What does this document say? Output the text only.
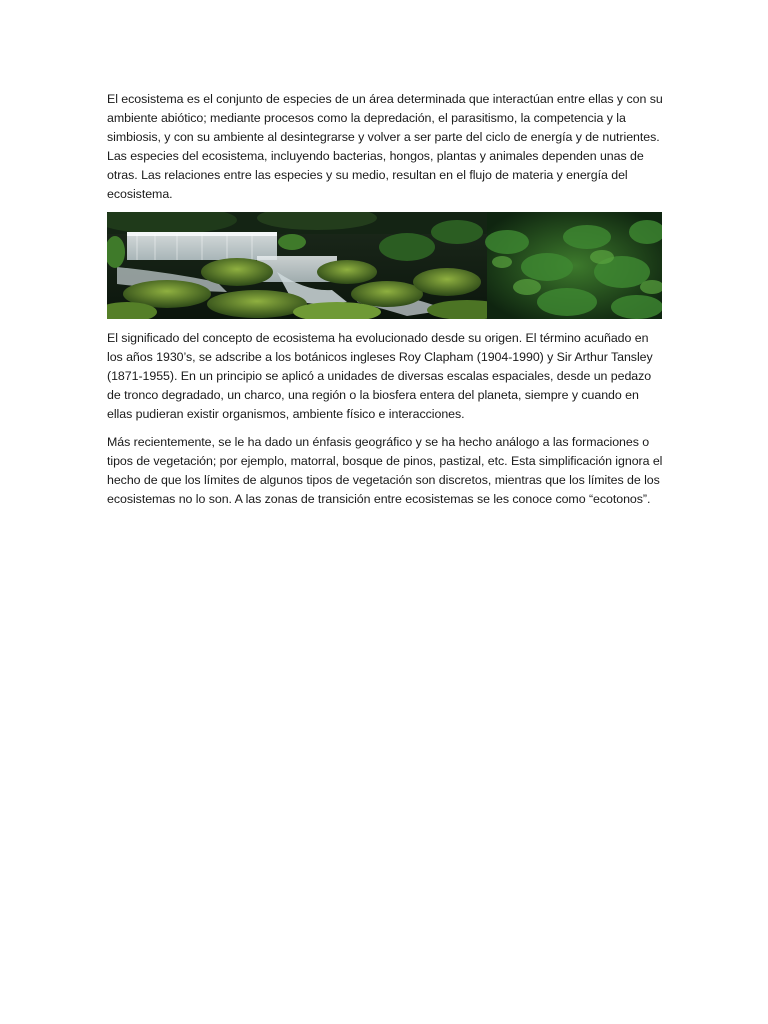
El ecosistema es el conjunto de especies de un área determinada que interactúan entre ellas y con su ambiente abiótico; mediante procesos como la depredación, el parasitismo, la competencia y la simbiosis, y con su ambiente al desintegrarse y volver a ser parte del ciclo de energía y de nutrientes. Las especies del ecosistema, incluyendo bacterias, hongos, plantas y animales dependen unas de otras. Las relaciones entre las especies y su medio, resultan en el flujo de materia y energía del ecosistema.

El significado del concepto de ecosistema ha evolucionado desde su origen. El término acuñado en los años 1930’s, se adscribe a los botánicos ingleses Roy Clapham (1904-1990) y Sir Arthur Tansley (1871-1955). En un principio se aplicó a unidades de diversas escalas espaciales, desde un pedazo de tronco degradado, un charco, una región o la biosfera entera del planeta, siempre y cuando en ellas pudieran existir organismos, ambiente físico e interacciones.

Más recientemente, se le ha dado un énfasis geográfico y se ha hecho análogo a las formaciones o tipos de vegetación; por ejemplo, matorral, bosque de pinos, pastizal, etc. Esta simplificación ignora el hecho de que los límites de algunos tipos de vegetación son discretos, mientras que los límites de los ecosistemas no lo son. A las zonas de transición entre ecosistemas se les conoce como “ecotonos”.
